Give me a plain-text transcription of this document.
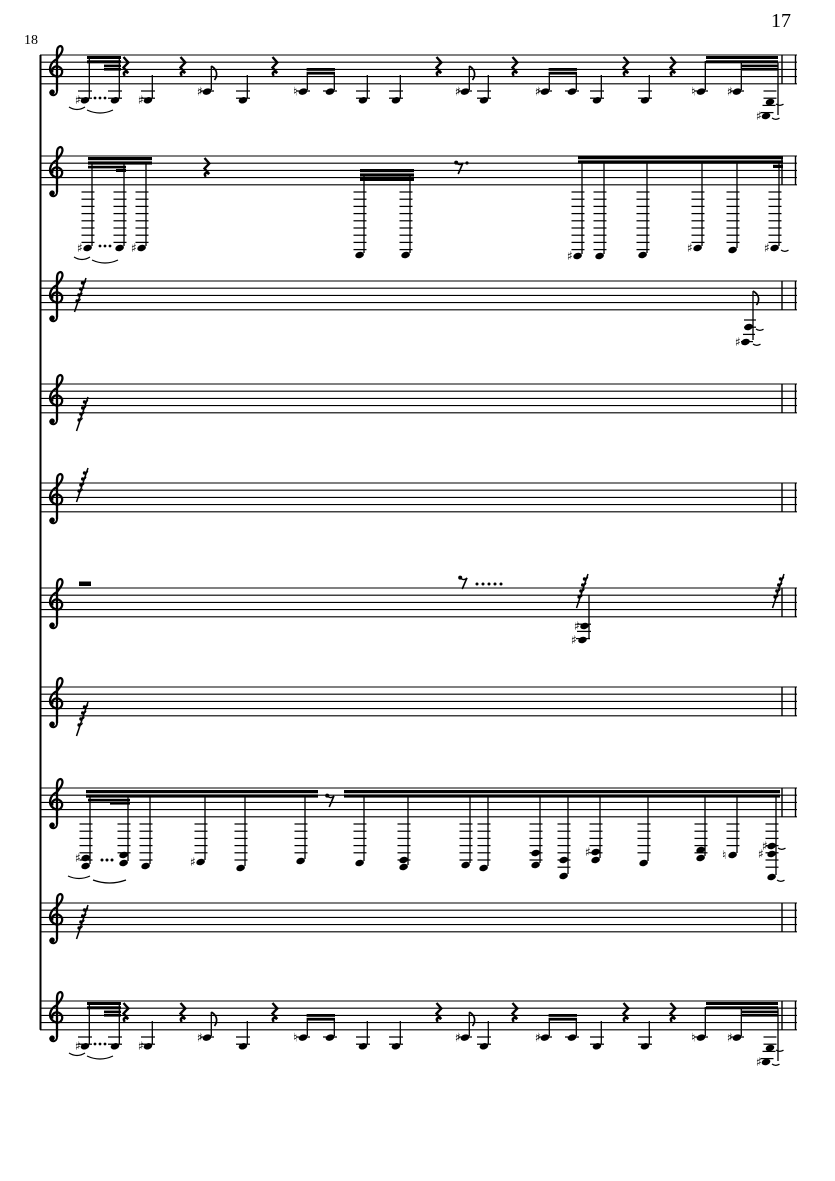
17
18
♯	♯
♯	♮	♯	♯	♮	♯
♯
♯	♯
♯
♯	♯
♯
♯
♯
♯	♯
♯	♮
♯
♯
♯	♯
♯	♮	♯	♯	♮	♯
♯
